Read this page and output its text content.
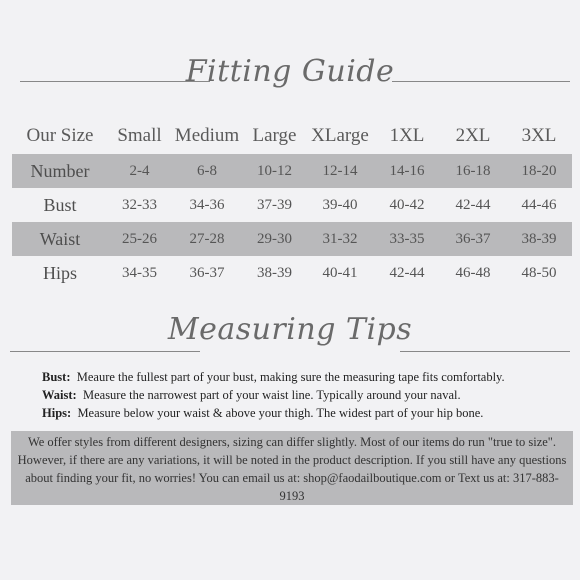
Fitting Guide
Our Size	Small	Medium	Large	XLarge	1XL	2XL	3XL
Number	2-4	6-8	10-12	12-14	14-16	16-18	18-20
Bust	32-33	34-36	37-39	39-40	40-42	42-44	44-46
Waist	25-26	27-28	29-30	31-32	33-35	36-37	38-39
Hips	34-35	36-37	38-39	40-41	42-44	46-48	48-50
Measuring Tips
Bust: Meaure the fullest part of your bust, making sure the measuring tape fits comfortably.
Waist: Measure the narrowest part of your waist line. Typically around your naval.
Hips: Measure below your waist & above your thigh. The widest part of your hip bone.
We offer styles from different designers, sizing can differ slightly. Most of our items do run "true to size". However, if there are any variations, it will be noted in the product description. If you still have any questions about finding your fit, no worries! You can email us at: shop@faodailboutique.com or Text us at: 317-883-9193
